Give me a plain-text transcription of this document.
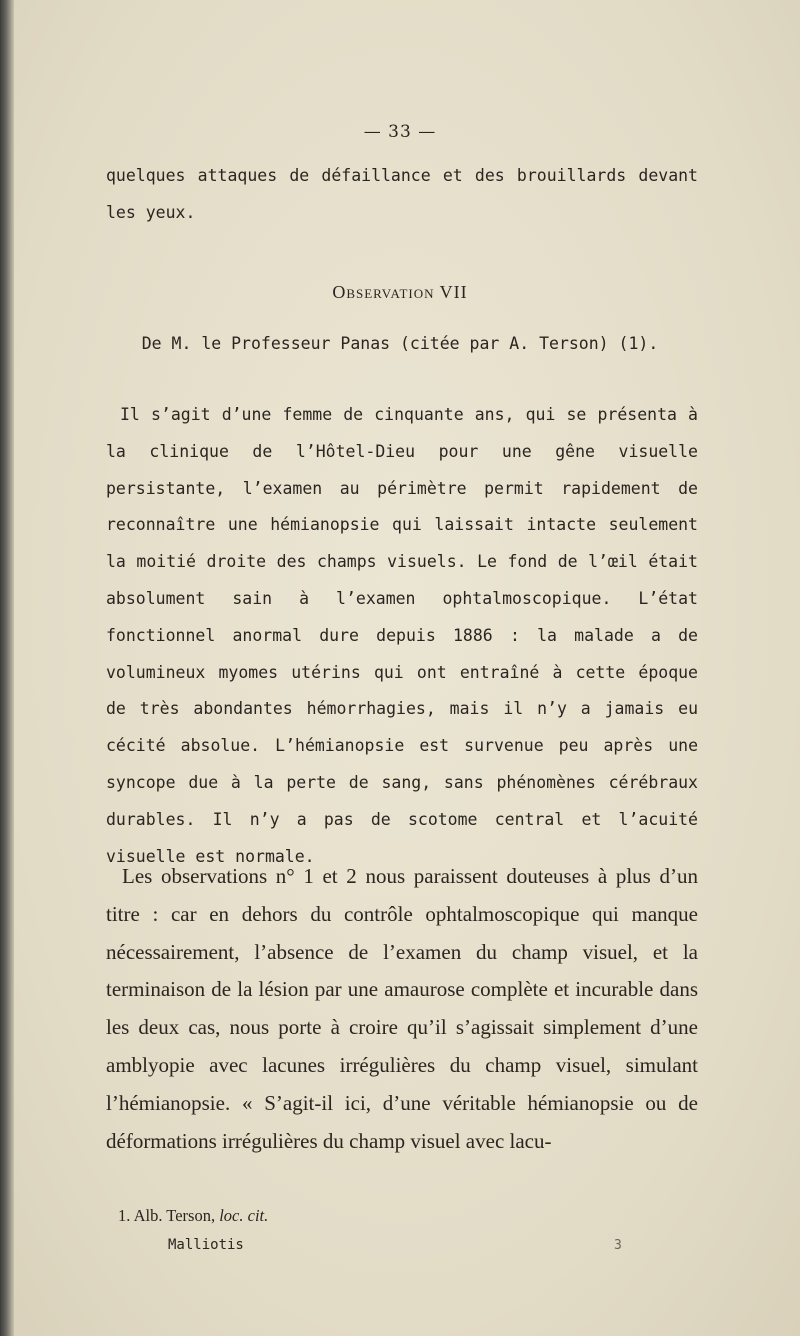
— 33 —

quelques attaques de défaillance et des brouillards devant les yeux.

Observation VII
De M. le Professeur Panas (citée par A. Terson) (1).

Il s’agit d’une femme de cinquante ans, qui se présenta à la clinique de l’Hôtel-Dieu pour une gêne visuelle persistante, l’examen au périmètre permit rapidement de reconnaître une hémianopsie qui laissait intacte seulement la moitié droite des champs visuels. Le fond de l’œil était absolument sain à l’examen ophtalmoscopique. L’état fonctionnel anormal dure depuis 1886 : la malade a de volumineux myomes utérins qui ont entraîné à cette époque de très abondantes hémorrhagies, mais il n’y a jamais eu cécité absolue. L’hémianopsie est survenue peu après une syncope due à la perte de sang, sans phénomènes cérébraux durables. Il n’y a pas de scotome central et l’acuité visuelle est normale.

Les observations n° 1 et 2 nous paraissent douteuses à plus d’un titre : car en dehors du contrôle ophtalmoscopique qui manque nécessairement, l’absence de l’examen du champ visuel, et la terminaison de la lésion par une amaurose complète et incurable dans les deux cas, nous porte à croire qu’il s’agissait simplement d’une amblyopie avec lacunes irrégulières du champ visuel, simulant l’hémianopsie. « S’agit-il ici, d’une véritable hémianopsie ou de déformations irrégulières du champ visuel avec lacu-

1. Alb. Terson, loc. cit.
Malliotis	3
